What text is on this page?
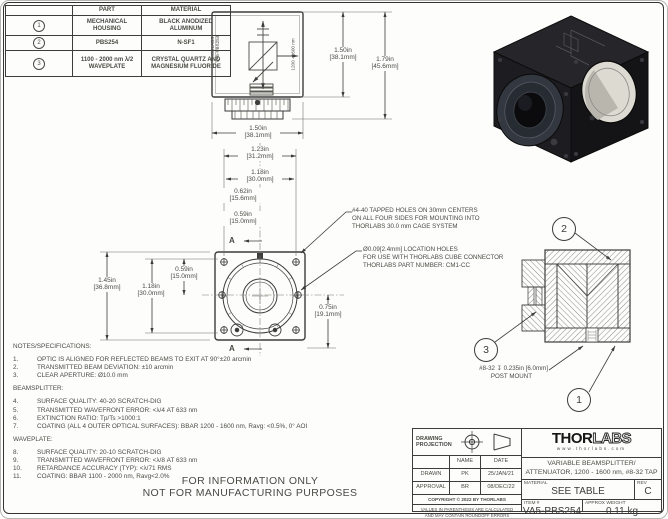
	PART	MATERIAL
1	MECHANICAL HOUSING	BLACK ANODIZED ALUMINUM
2	PBS254	N-SF1
3	1100 - 2000 nm λ/2 WAVEPLATE	CRYSTAL QUARTZ AND MAGNESIUM FLUORIDE
THORLABS VA5-PBS254	1200 - 1600 nm	1.50in
[38.1mm]	1.79in
[45.6mm]
1.50in
[38.1mm]
1.23in
[31.2mm]
1.18in
[30.0mm]
0.62in
[15.6mm]
0.59in
[15.0mm]
1.45in
[36.8mm]	1.18in
[30.0mm]
0.59in
[15.0mm]
0.75in
[19.1mm]
A
A
#4-40 TAPPED HOLES ON 30mm CENTERS
ON ALL FOUR SIDES FOR MOUNTING INTO
THORLABS 30.0 mm CAGE SYSTEM
Ø0.09[2.4mm] LOCATION HOLES
FOR USE WITH THORLABS CUBE CONNECTOR
THORLABS PART NUMBER: CM1-CC
2
3
1
#8-32 ↧ 0.235in [6.0mm]
POST MOUNT
NOTES/SPECIFICATIONS:
1.	OPTIC IS ALIGNED FOR REFLECTED BEAMS TO EXIT AT 90°±20 arcmin
2.	TRANSMITTED BEAM DEVIATION: ±10 arcmin
3.	CLEAR APERTURE: Ø10.0 mm
BEAMSPLITTER:
4.	SURFACE QUALITY: 40-20 SCRATCH-DIG
5.	TRANSMITTED WAVEFRONT ERROR: <λ/4 AT 633 nm
6.	EXTINCTION RATIO: Tp/Ts >1000:1
7.	COATING (ALL 4 OUTER OPTICAL SURFACES): BBAR 1200 - 1600 nm, Ravg: <0.5%, 0° AOI
WAVEPLATE:
8.	SURFACE QUALITY: 20-10 SCRATCH-DIG
9.	TRANSMITTED WAVEFRONT ERROR: <λ/8 AT 633 nm
10.	RETARDANCE ACCURACY (TYP): <λ/71 RMS
11.	COATING: BBAR 1100 - 2000 nm, Ravg<2.0%	FOR INFORMATION ONLY
NOT FOR MANUFACTURING PURPOSES
DRAWING PROJECTION
NAME	DATE
DRAWN	PK	25/JAN/21
APPROVAL	BR	08/DEC/22
COPYRIGHT © 2022 BY THORLABS
VALUES IN PARENTHESIS ARE CALCULATED
AND MAY CONTAIN ROUNDOFF ERRORS
THORLABS
www.thorlabs.com
VARIABLE BEAMSPLITTER/
ATTENUATOR, 1200 - 1600 nm, #8-32 TAP
MATERIAL
SEE TABLE
REV
C
ITEM #
VA5-PBS254
APPROX WEIGHT
0.11 kg
